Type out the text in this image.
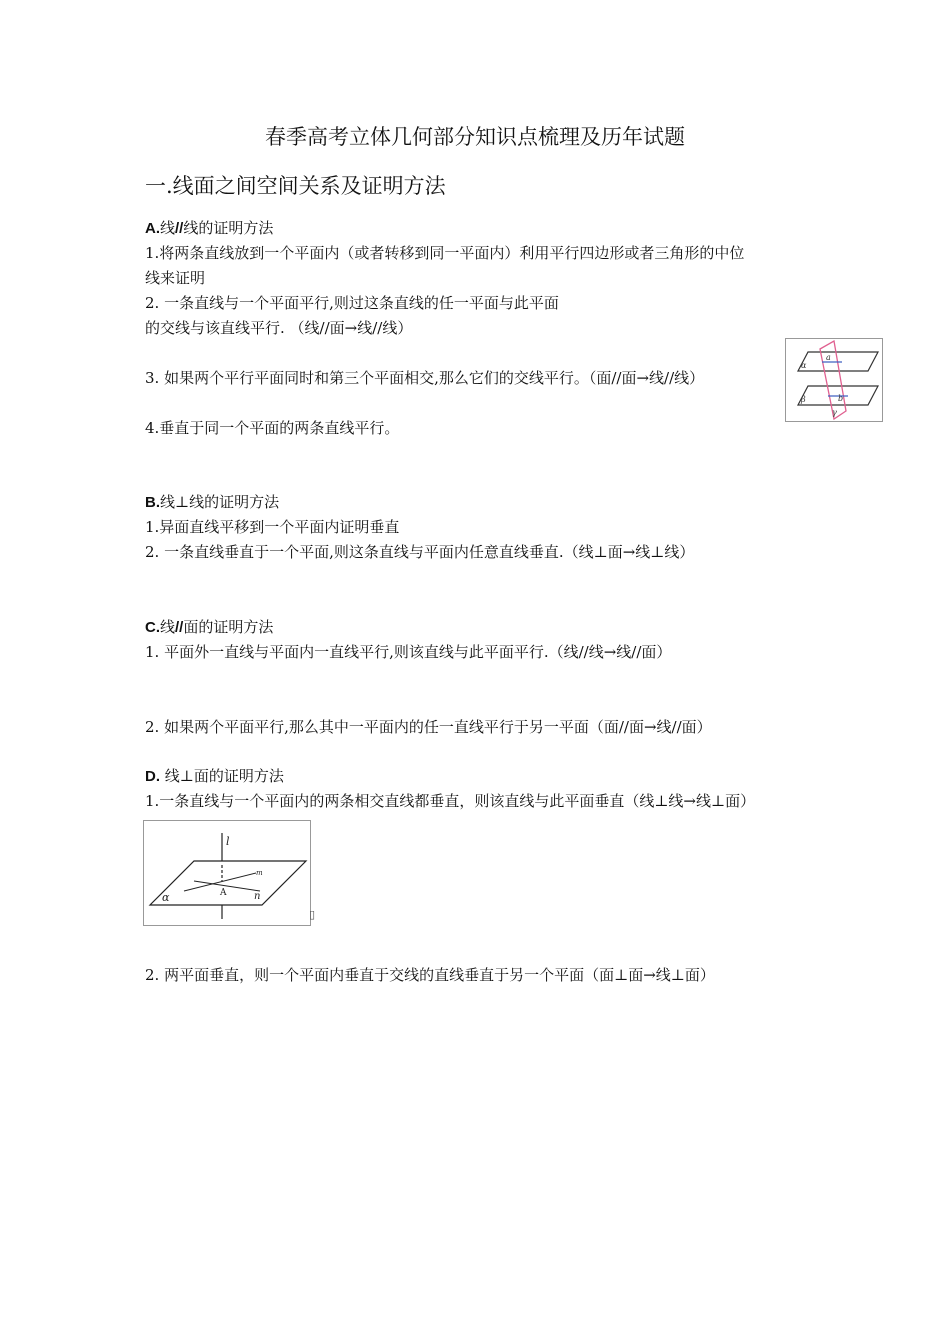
春季高考立体几何部分知识点梳理及历年试题
一.线面之间空间关系及证明方法
A.线//线的证明方法
1.将两条直线放到一个平面内（或者转移到同一平面内）利用平行四边形或者三角形的中位
线来证明
2. 一条直线与一个平面平行,则过这条直线的任一平面与此平面
的交线与该直线平行. （线//面→线//线）
3. 如果两个平行平面同时和第三个平面相交,那么它们的交线平行。（面//面→线//线）
4.垂直于同一个平面的两条直线平行。
α
a
β	b
γ
B.线⊥线的证明方法
1.异面直线平移到一个平面内证明垂直
2. 一条直线垂直于一个平面,则这条直线与平面内任意直线垂直.（线⊥面→线⊥线）
C.线//面的证明方法
1. 平面外一直线与平面内一直线平行,则该直线与此平面平行.（线//线→线//面）
2. 如果两个平面平行,那么其中一平面内的任一直线平行于另一平面（面//面→线//面）
D. 线⊥面的证明方法
1.一条直线与一个平面内的两条相交直线都垂直，则该直线与此平面垂直（线⊥线→线⊥面）
l
m
A	n
α
▯
2. 两平面垂直，则一个平面内垂直于交线的直线垂直于另一个平面（面⊥面→线⊥面）
